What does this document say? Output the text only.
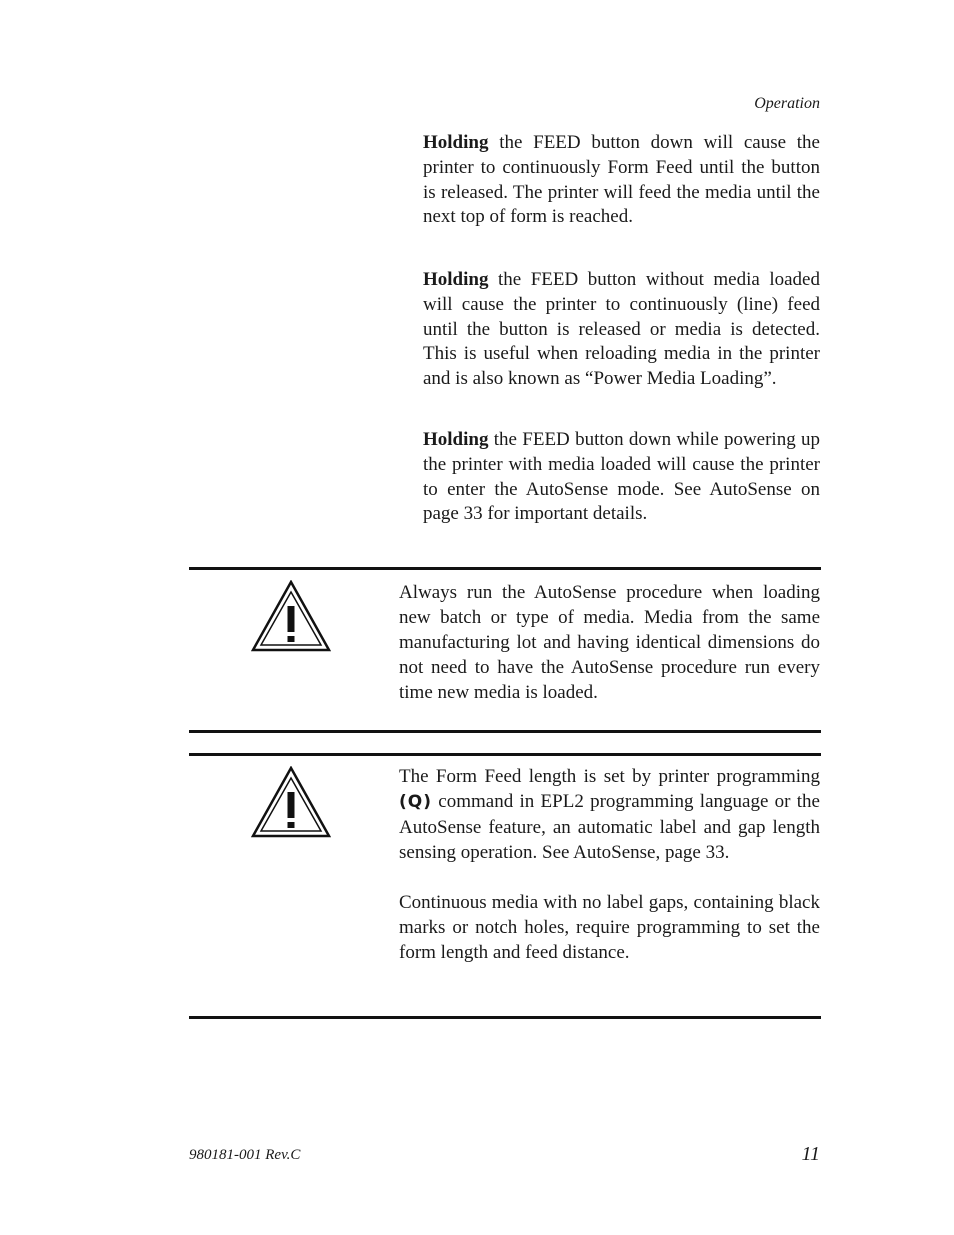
Operation
Holding the FEED button down will cause the printer to continuously Form Feed until the button is released. The printer will feed the media until the next top of form is reached.
Holding the FEED button without media loaded will cause the printer to continuously (line) feed until the button is released or media is detected. This is useful when reloading media in the printer and is also known as “Power Media Loading”.
Holding the FEED button down while powering up the printer with media loaded will cause the printer to enter the AutoSense mode. See AutoSense on page 33 for important details.
Always run the AutoSense procedure when loading new batch or type of media. Media from the same manufacturing lot and having identical dimensions do not need to have the AutoSense procedure run every time new media is loaded.
The Form Feed length is set by printer programming (Q) command in EPL2 programming language or the AutoSense feature, an automatic label and gap length sensing operation. See AutoSense, page 33.
Continuous media with no label gaps, containing black marks or notch holes, require programming to set the form length and feed distance.
980181-001 Rev.C	11
